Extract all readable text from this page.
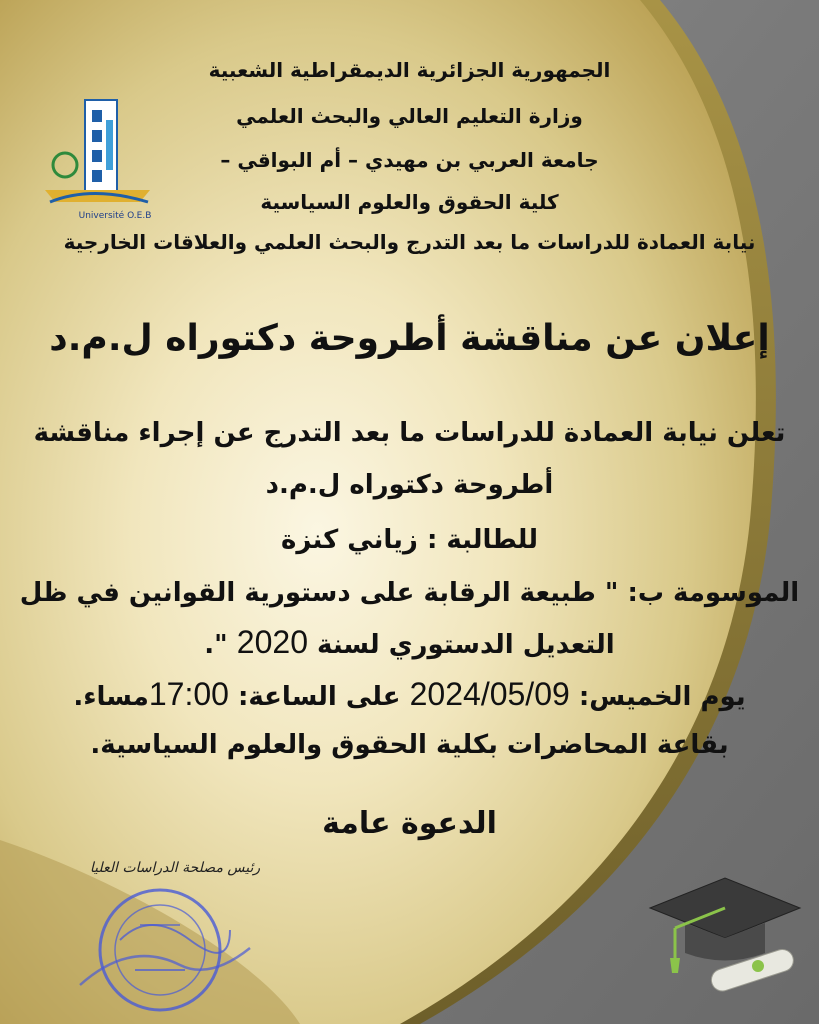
Université O.E.B
الجمهورية الجزائرية الديمقراطية الشعبية
وزارة التعليم العالي والبحث العلمي
جامعة العربي بن مهيدي – أم البواقي –
كلية الحقوق والعلوم السياسية
نيابة العمادة للدراسات ما بعد التدرج والبحث العلمي والعلاقات الخارجية
إعلان عن مناقشة أطروحة دكتوراه ل.م.د
تعلن نيابة العمادة للدراسات ما بعد التدرج عن إجراء مناقشة
أطروحة دكتوراه ل.م.د
للطالبة : زياني كنزة
الموسومة ب: " طبيعة الرقابة على دستورية القوانين في ظل
التعديل الدستوري لسنة 2020 ".
يوم الخميس: 2024/05/09 على الساعة: 17:00مساء.
بقاعة المحاضرات بكلية الحقوق والعلوم السياسية.
الدعوة عامة
رئيس مصلحة الدراسات العليا
